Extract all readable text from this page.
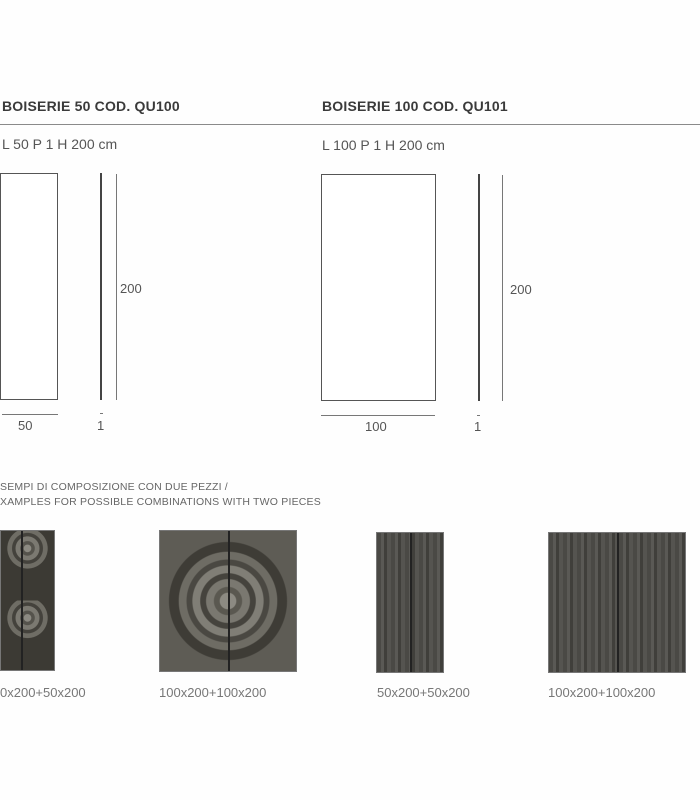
BOISERIE 50 COD. QU100
L 50 P 1 H 200 cm
50	1
200
BOISERIE 100 COD. QU101
L 100 P 1 H 200 cm
100	1
200
SEMPI DI COMPOSIZIONE CON DUE PEZZI /
XAMPLES FOR POSSIBLE COMBINATIONS WITH TWO PIECES
0x200+50x200	100x200+100x200	50x200+50x200	100x200+100x200
